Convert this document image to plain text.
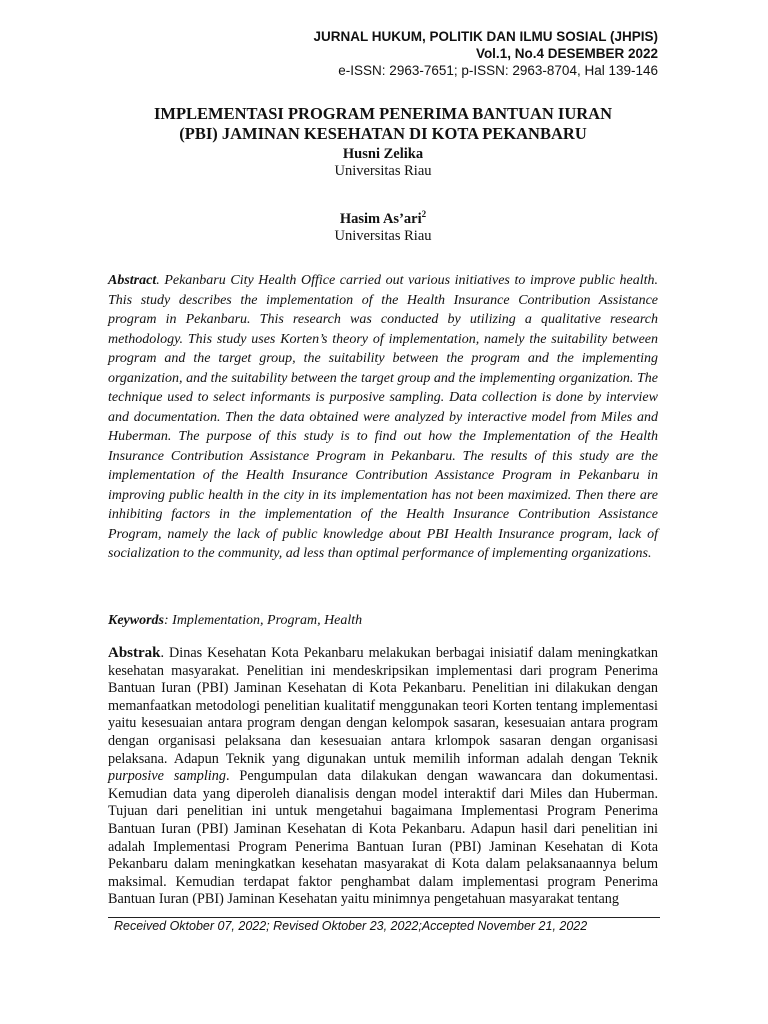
JURNAL HUKUM, POLITIK DAN ILMU SOSIAL (JHPIS)
Vol.1, No.4 DESEMBER 2022
e-ISSN: 2963-7651; p-ISSN: 2963-8704, Hal 139-146
IMPLEMENTASI PROGRAM PENERIMA BANTUAN IURAN
(PBI) JAMINAN KESEHATAN DI KOTA PEKANBARU
Husni Zelika
Universitas Riau
Hasim As’ari$^2$
Universitas Riau

Abstract. Pekanbaru City Health Office carried out various initiatives to improve public health. This study describes the implementation of the Health Insurance Contribution Assistance program in Pekanbaru. This research was conducted by utilizing a qualitative research methodology. This study uses Korten’s theory of implementation, namely the suitability between program and the target group, the suitability between the program and the implementing organization, and the suitability between the target group and the implementing organization. The technique used to select informants is purposive sampling. Data collection is done by interview and documentation. Then the data obtained were analyzed by interactive model from Miles and Huberman. The purpose of this study is to find out how the Implementation of the Health Insurance Contribution Assistance Program in Pekanbaru. The results of this study are the implementation of the Health Insurance Contribution Assistance Program in Pekanbaru in improving public health in the city in its implementation has not been maximized. Then there are inhibiting factors in the implementation of the Health Insurance Contribution Assistance Program, namely the lack of public knowledge about PBI Health Insurance program, lack of socialization to the community, ad less than optimal performance of implementing organizations.

Keywords: Implementation, Program, Health

Abstrak. Dinas Kesehatan Kota Pekanbaru melakukan berbagai inisiatif dalam meningkatkan kesehatan masyarakat. Penelitian ini mendeskripsikan implementasi dari program Penerima Bantuan Iuran (PBI) Jaminan Kesehatan di Kota Pekanbaru. Penelitian ini dilakukan dengan memanfaatkan metodologi penelitian kualitatif menggunakan teori Korten tentang implementasi yaitu kesesuaian antara program dengan dengan kelompok sasaran, kesesuaian antara program dengan organisasi pelaksana dan kesesuaian antara krlompok sasaran dengan organisasi pelaksana. Adapun Teknik yang digunakan untuk memilih informan adalah dengan Teknik purposive sampling. Pengumpulan data dilakukan dengan wawancara dan dokumentasi. Kemudian data yang diperoleh dianalisis dengan model interaktif dari Miles dan Huberman. Tujuan dari penelitian ini untuk mengetahui bagaimana Implementasi Program Penerima Bantuan Iuran (PBI) Jaminan Kesehatan di Kota Pekanbaru. Adapun hasil dari penelitian ini adalah Implementasi Program Penerima Bantuan Iuran (PBI) Jaminan Kesehatan di Kota Pekanbaru dalam meningkatkan kesehatan masyarakat di Kota dalam pelaksanaannya belum maksimal. Kemudian terdapat faktor penghambat dalam implementasi program Penerima Bantuan Iuran (PBI) Jaminan Kesehatan yaitu minimnya pengetahuan masyarakat tentang

Received Oktober 07, 2022; Revised Oktober 23, 2022;Accepted November 21, 2022
